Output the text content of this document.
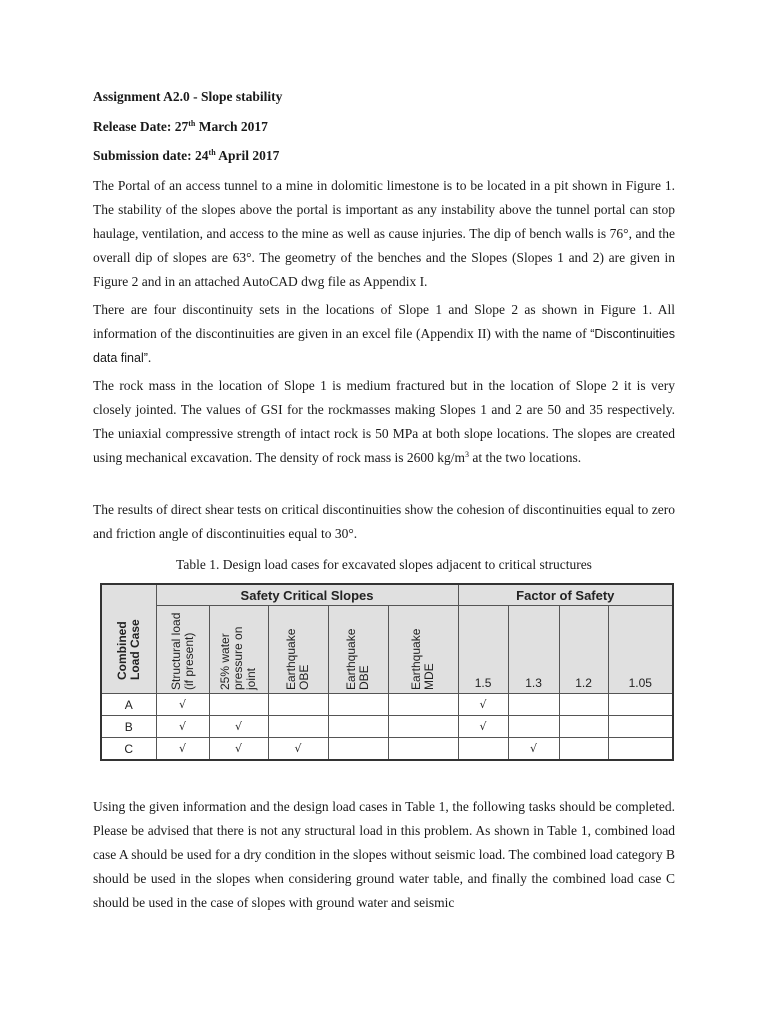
Assignment A2.0 - Slope stability
Release Date: 27th March 2017
Submission date: 24th April 2017

The Portal of an access tunnel to a mine in dolomitic limestone is to be located in a pit shown in Figure 1. The stability of the slopes above the portal is important as any instability above the tunnel portal can stop haulage, ventilation, and access to the mine as well as cause injuries. The dip of bench walls is 76°, and the overall dip of slopes are 63°. The geometry of the benches and the Slopes (Slopes 1 and 2) are given in Figure 2 and in an attached AutoCAD dwg file as Appendix I.

There are four discontinuity sets in the locations of Slope 1 and Slope 2 as shown in Figure 1. All information of the discontinuities are given in an excel file (Appendix II) with the name of “Discontinuities data final”.

The rock mass in the location of Slope 1 is medium fractured but in the location of Slope 2 it is very closely jointed. The values of GSI for the rockmasses making Slopes 1 and 2 are 50 and 35 respectively. The uniaxial compressive strength of intact rock is 50 MPa at both slope locations. The slopes are created using mechanical excavation. The density of rock mass is 2600 $kg/m^3$ at the two locations.

The results of direct shear tests on critical discontinuities show the cohesion of discontinuities equal to zero and friction angle of discontinuities equal to 30°.

Table 1. Design load cases for excavated slopes adjacent to critical structures
Combined Load Case	Safety Critical Slopes					Factor of Safety			
	Structural load (if present)	25% water pressure on joint	Earthquake OBE	Earthquake DBE	Earthquake MDE	1.5	1.3	1.2	1.05

A	√					√			
B	√	√				√			
C	√	√	√				√		

Using the given information and the design load cases in Table 1, the following tasks should be completed. Please be advised that there is not any structural load in this problem. As shown in Table 1, combined load case A should be used for a dry condition in the slopes without seismic load. The combined load category B should be used in the slopes when considering ground water table, and finally the combined load case C should be used in the case of slopes with ground water and seismic
